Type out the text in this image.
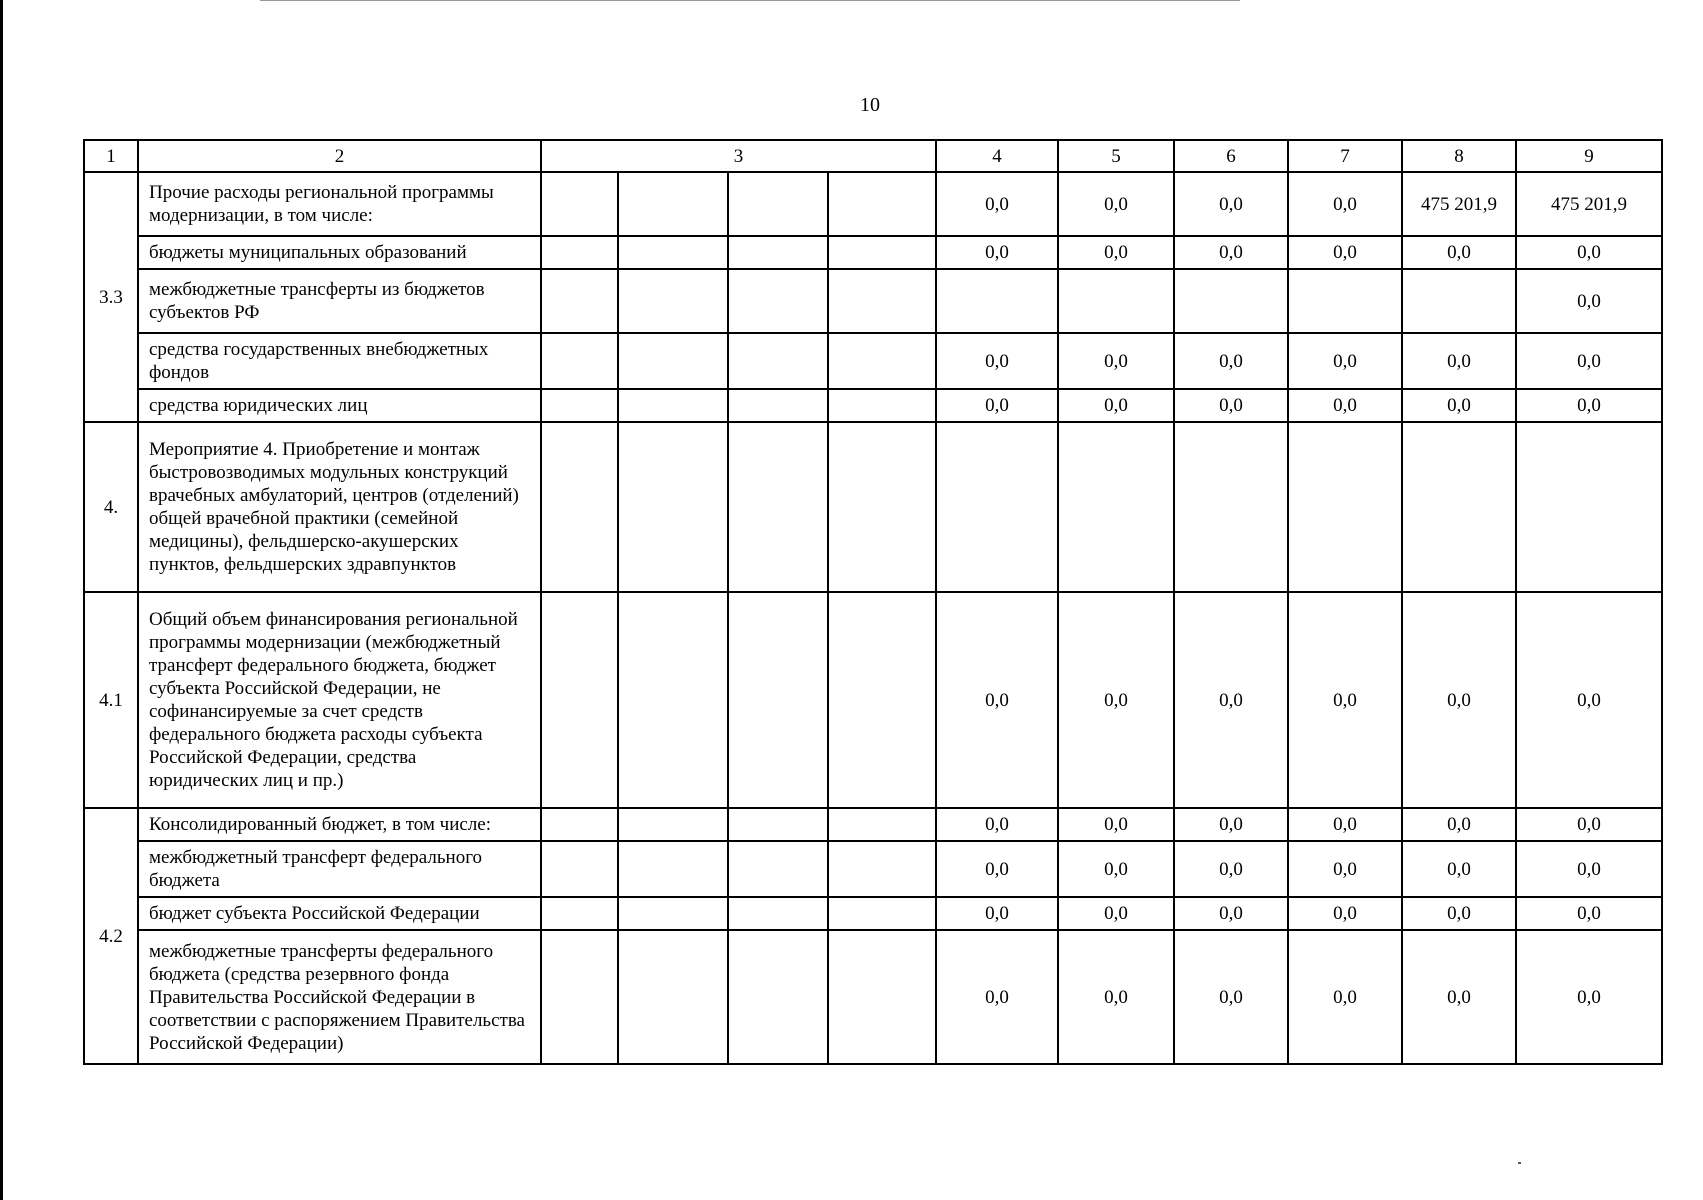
10
1	2	3				4	5	6	7	8	9
3.3	Прочие расходы региональной программы модернизации, в том числе:					0,0	0,0	0,0	0,0	475 201,9	475 201,9
	бюджеты муниципальных образований					0,0	0,0	0,0	0,0	0,0	0,0
	межбюджетные трансферты из бюджетов субъектов РФ										0,0
	средства государственных внебюджетных фондов					0,0	0,0	0,0	0,0	0,0	0,0
	средства юридических лиц					0,0	0,0	0,0	0,0	0,0	0,0
4.	Мероприятие 4. Приобретение и монтаж быстровозводимых модульных конструкций врачебных амбулаторий, центров (отделений) общей врачебной практики (семейной медицины), фельдшерско-акушерских пунктов, фельдшерских здравпунктов										
4.1	Общий объем финансирования региональной программы модернизации (межбюджетный трансферт федерального бюджета, бюджет субъекта Российской Федерации, не софинансируемые за счет средств федерального бюджета расходы субъекта Российской Федерации, средства юридических лиц и пр.)					0,0	0,0	0,0	0,0	0,0	0,0
4.2	Консолидированный бюджет, в том числе:					0,0	0,0	0,0	0,0	0,0	0,0
	межбюджетный трансферт федерального бюджета					0,0	0,0	0,0	0,0	0,0	0,0
	бюджет субъекта Российской Федерации					0,0	0,0	0,0	0,0	0,0	0,0
	межбюджетные трансферты федерального бюджета (средства резервного фонда Правительства Российской Федерации в соответствии с распоряжением Правительства Российской Федерации)					0,0	0,0	0,0	0,0	0,0	0,0
